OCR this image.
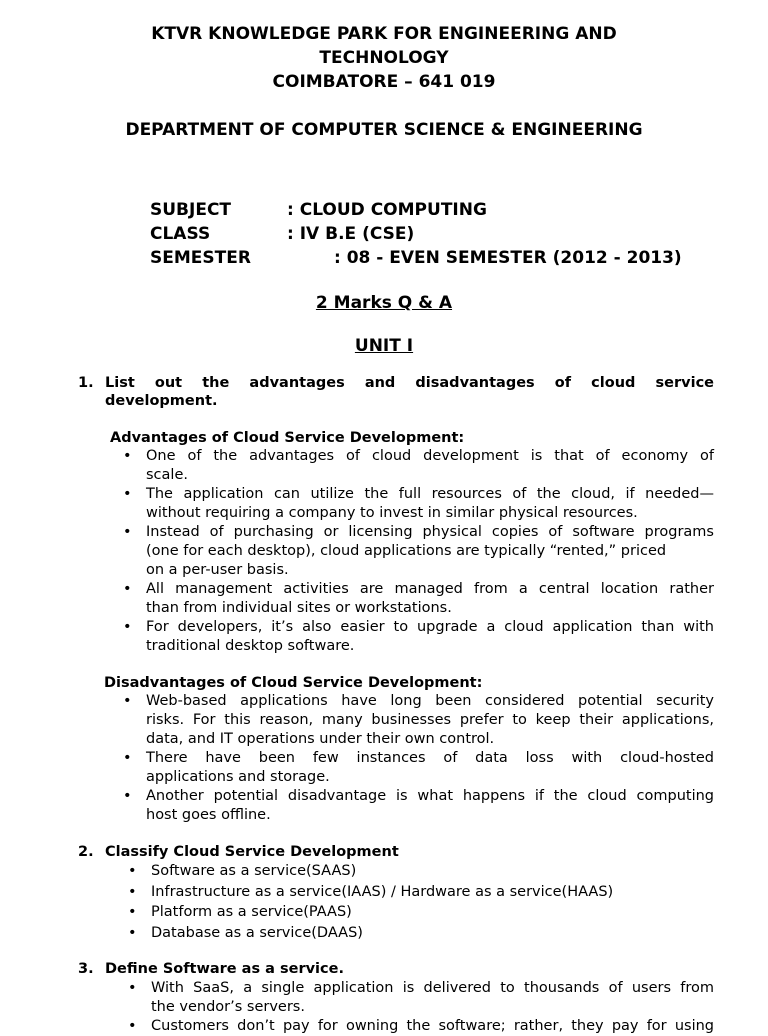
KTVR KNOWLEDGE PARK FOR ENGINEERING AND
TECHNOLOGY
COIMBATORE – 641 019
DEPARTMENT OF COMPUTER SCIENCE & ENGINEERING
SUBJECT	: CLOUD COMPUTING
CLASS	: IV B.E (CSE)
SEMESTER	: 08 - EVEN SEMESTER (2012 - 2013)
2 Marks Q & A
UNIT I
1. List out the advantages and disadvantages of cloud service
development.
Advantages of Cloud Service Development:
• One of the advantages of cloud development is that of economy of
scale.
• The application can utilize the full resources of the cloud, if needed—
without requiring a company to invest in similar physical resources.
• Instead of purchasing or licensing physical copies of software programs
(one for each desktop), cloud applications are typically “rented,” priced
on a per-user basis.
• All management activities are managed from a central location rather
than from individual sites or workstations.
• For developers, it’s also easier to upgrade a cloud application than with
traditional desktop software.
Disadvantages of Cloud Service Development:
• Web-based applications have long been considered potential security
risks. For this reason, many businesses prefer to keep their applications,
data, and IT operations under their own control.
• There have been few instances of data loss with cloud-hosted
applications and storage.
• Another potential disadvantage is what happens if the cloud computing
host goes offline.
2. Classify Cloud Service Development
• Software as a service(SAAS)
• Infrastructure as a service(IAAS) / Hardware as a service(HAAS)
• Platform as a service(PAAS)
• Database as a service(DAAS)
3. Define Software as a service.
• With SaaS, a single application is delivered to thousands of users from
the vendor’s servers.
• Customers don’t pay for owning the software; rather, they pay for using
